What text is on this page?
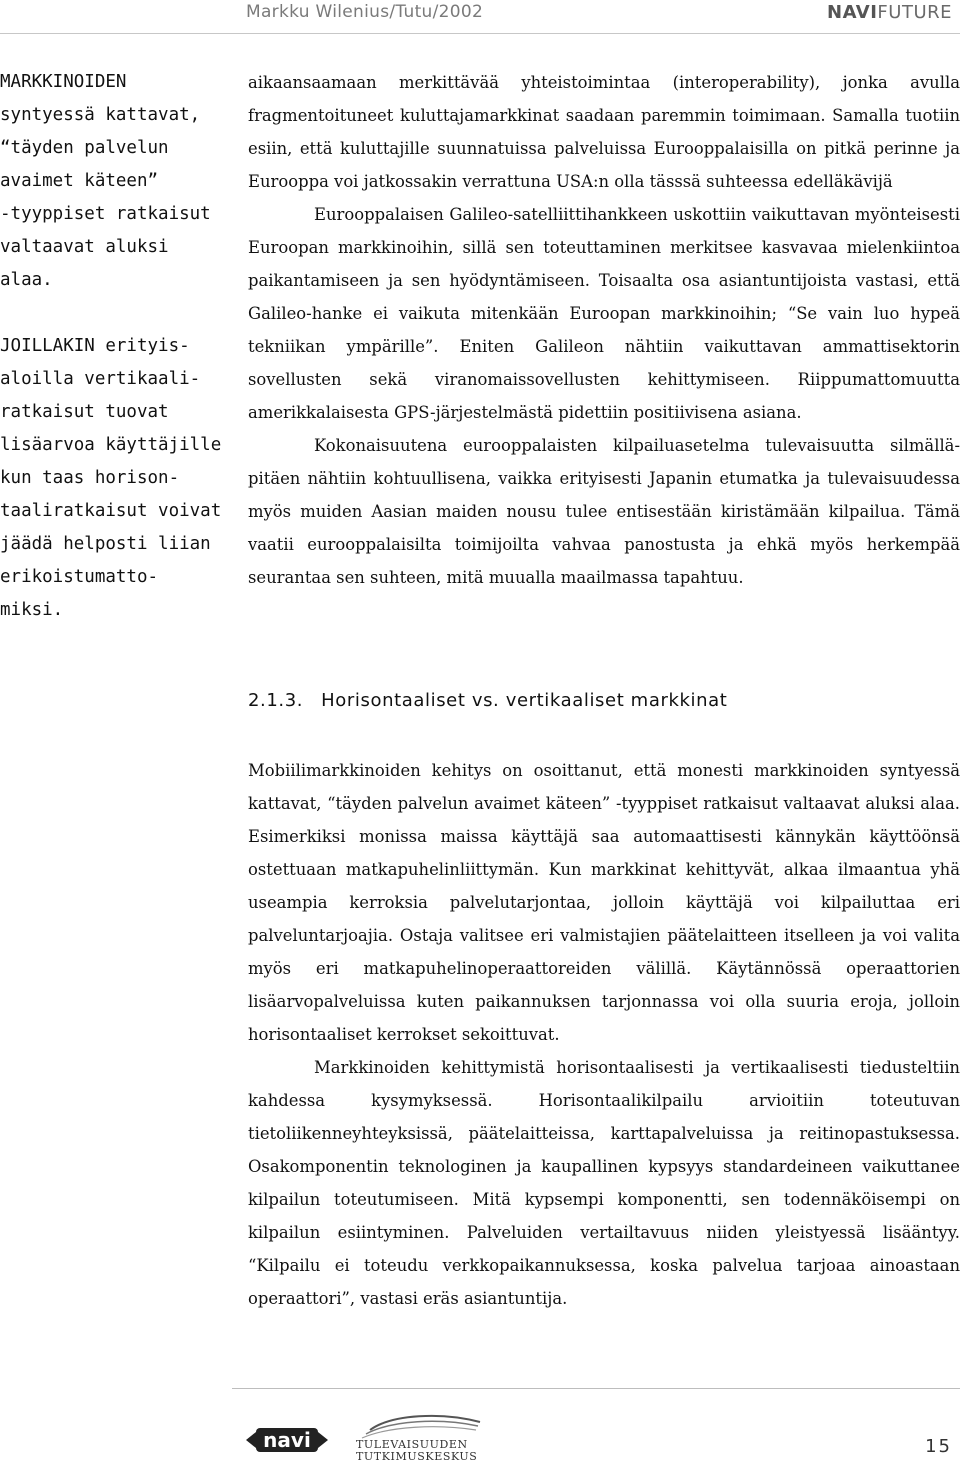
Markku Wilenius/Tutu/2002	NAVIFUTURE

MARKKINOIDEN
syntyessä kattavat,
“täyden palvelun
avaimet käteen”
-tyyppiset ratkaisut
valtaavat aluksi
alaa.

JOILLAKIN erityis-
aloilla vertikaali-
ratkaisut tuovat
lisäarvoa käyttäjille
kun taas horison-
taaliratkaisut voivat
jäädä helposti liian
erikoistumatto-
miksi.

aikaansaamaan merkittävää yhteistoimintaa (interoperability), jonka avulla fragmentoituneet kuluttajamarkkinat saadaan paremmin toimimaan. Samalla tuotiin esiin, että kuluttajille suunnatuissa palveluissa Eurooppalaisilla on pitkä perinne ja Eurooppa voi jatkossakin verrattuna USA:n olla tässsä suhteessa edelläkävijä

Eurooppalaisen Galileo-satelliittihankkeen uskottiin vaikuttavan myönteisesti Euroopan markkinoihin, sillä sen toteuttaminen merkitsee kasvavaa mielenkiintoa paikantamiseen ja sen hyödyntämiseen. Toisaalta osa asiantuntijoista vastasi, että Galileo-hanke ei vaikuta mitenkään Euroopan markkinoihin; “Se vain luo hypeä tekniikan ympärille”. Eniten Galileon nähtiin vaikuttavan ammattisektorin sovellusten sekä viranomaissovellusten kehittymiseen. Riippumattomuutta amerikkalaisesta GPS-järjestelmästä pidettiin positiivisena asiana.

Kokonaisuutena eurooppalaisten kilpailuasetelma tulevaisuutta silmällä-pitäen nähtiin kohtuullisena, vaikka erityisesti Japanin etumatka ja tulevaisuudessa myös muiden Aasian maiden nousu tulee entisestään kiristämään kilpailua. Tämä vaatii eurooppalaisilta toimijoilta vahvaa panostusta ja ehkä myös herkempää seurantaa sen suhteen, mitä muualla maailmassa tapahtuu.

2.1.3. Horisontaaliset vs. vertikaaliset markkinat

Mobiilimarkkinoiden kehitys on osoittanut, että monesti markkinoiden syntyessä kattavat, “täyden palvelun avaimet käteen” -tyyppiset ratkaisut valtaavat aluksi alaa. Esimerkiksi monissa maissa käyttäjä saa automaattisesti kännykän käyttöönsä ostettuaan matkapuhelinliittymän. Kun markkinat kehittyvät, alkaa ilmaantua yhä useampia kerroksia palvelutarjontaa, jolloin käyttäjä voi kilpailuttaa eri palveluntarjoajia. Ostaja valitsee eri valmistajien päätelaitteen itselleen ja voi valita myös eri matkapuhelinoperaattoreiden välillä. Käytännössä operaattorien lisäarvopalveluissa kuten paikannuksen tarjonnassa voi olla suuria eroja, jolloin horisontaaliset kerrokset sekoittuvat.

Markkinoiden kehittymistä horisontaalisesti ja vertikaalisesti tiedusteltiin kahdessa kysymyksessä. Horisontaalikilpailu arvioitiin toteutuvan tietoliikenneyhteyksissä, päätelaitteissa, karttapalveluissa ja reitinopastuksessa. Osakomponentin teknologinen ja kaupallinen kypsyys standardeineen vaikuttanee kilpailun toteutumiseen. Mitä kypsempi komponentti, sen todennäköisempi on kilpailun esiintyminen. Palveluiden vertailtavuus niiden yleistyessä lisääntyy. “Kilpailu ei toteudu verkkopaikannuksessa, koska palvelua tarjoaa ainoastaan operaattori”, vastasi eräs asiantuntija.

navi	TULEVAISUUDEN
TUTKIMUSKESKUS	15
